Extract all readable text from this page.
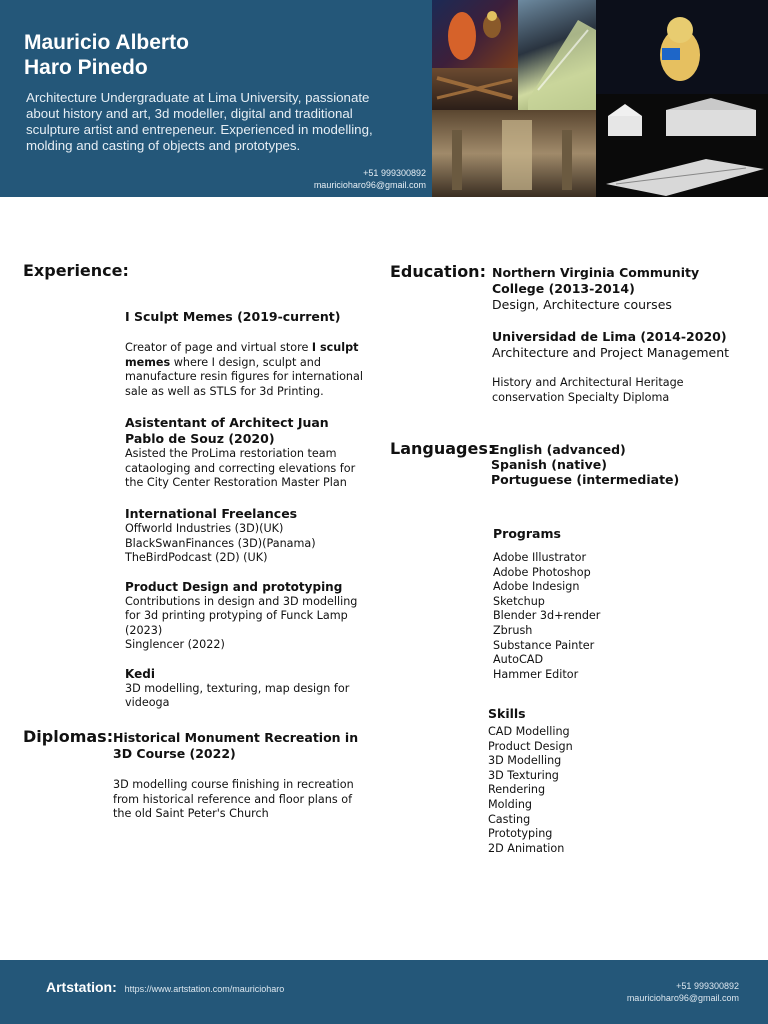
Mauricio Alberto
Haro Pinedo

Architecture Undergraduate at Lima University, passionate about history and art, 3d modeller, digital and traditional sculpture artist and entrepeneur. Experienced in modelling, molding and casting of objects and prototypes.

+51 999300892
mauricioharo96@gmail.com
Experience:
I Sculpt Memes (2019-current)
Creator of page and virtual store I sculpt memes where I design, sculpt and manufacture resin figures for international sale as well as STLS for 3d Printing.
Asistentant of Architect Juan Pablo de Souz (2020)
Asisted the ProLima restoriation team cataologing and correcting elevations for the City Center Restoration Master Plan
International Freelances
Offworld Industries (3D)(UK)
BlackSwanFinances (3D)(Panama)
TheBirdPodcast (2D) (UK)
Product Design and prototyping
Contributions in design and 3D modelling for 3d printing protyping of Funck Lamp (2023)
Singlencer (2022)
Kedi
3D modelling, texturing, map design for videoga
Diplomas: Historical Monument Recreation in 3D Course (2022)
3D modelling course finishing in recreation from historical reference and floor plans of the old Saint Peter's Church
Education: Northern Virginia Community College (2013-2014)
Design, Architecture courses
Universidad de Lima (2014-2020)
Architecture and Project Management
History and Architectural Heritage conservation Specialty Diploma
Languages:
English (advanced)
Spanish (native)
Portuguese (intermediate)
Programs
Adobe Illustrator
Adobe Photoshop
Adobe Indesign
Sketchup
Blender 3d+render
Zbrush
Substance Painter
AutoCAD
Hammer Editor
Skills
CAD Modelling
Product Design
3D Modelling
3D Texturing
Rendering
Molding
Casting
Prototyping
2D Animation
Artstation: https://www.artstation.com/mauricioharo	+51 999300892
mauricioharo96@gmail.com
